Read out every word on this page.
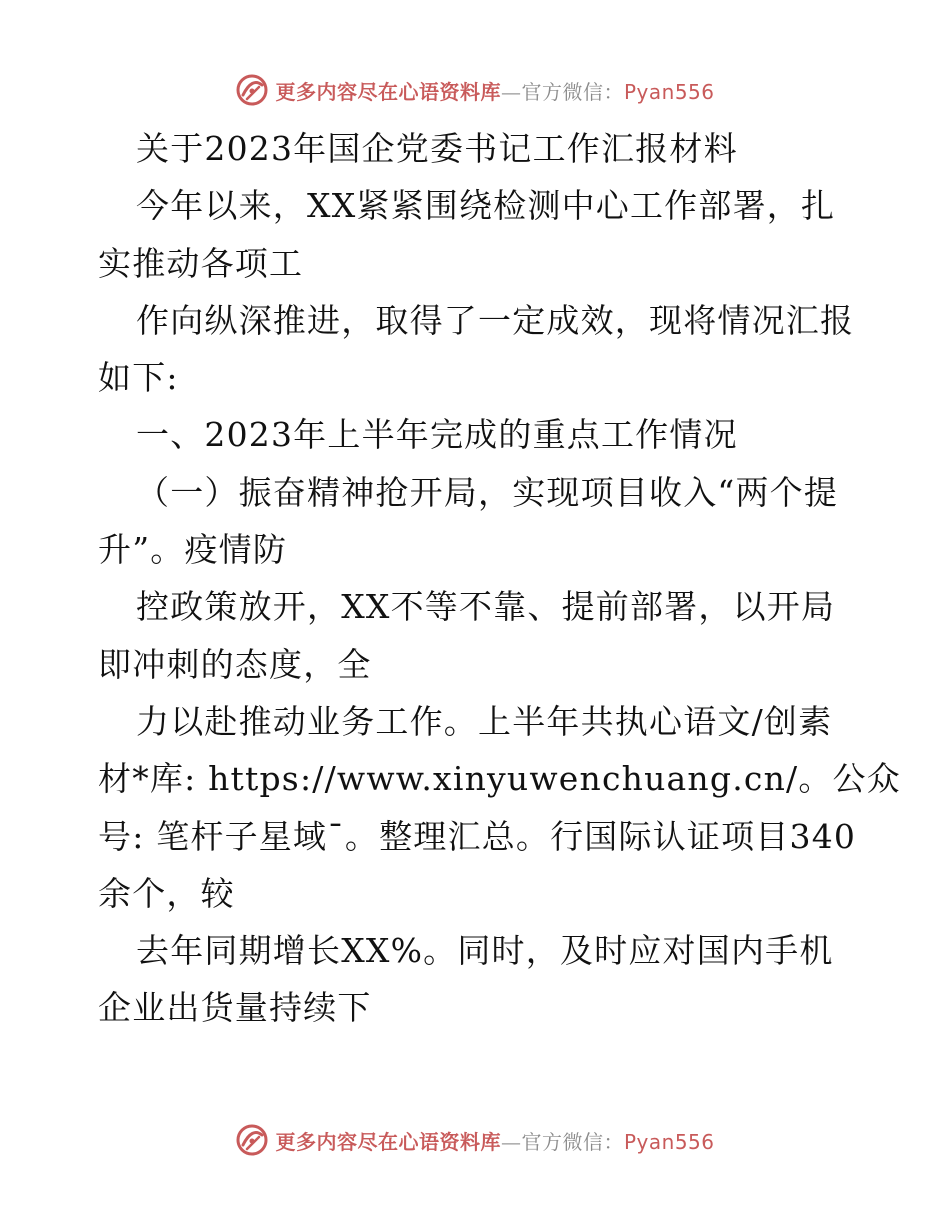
更多内容尽在心语资料库—官方微信：Pyan556
关于2023年国企党委书记工作汇报材料
今年以来，XX紧紧围绕检测中心工作部署，扎
实推动各项工
作向纵深推进，取得了一定成效，现将情况汇报
如下:
一、2023年上半年完成的重点工作情况
（一）振奋精神抢开局，实现项目收入“两个提
升”。疫情防
控政策放开，XX不等不靠、提前部署，以开局
即冲刺的态度，全
力以赴推动业务工作。上半年共执心语文/创素
材*库: https://www.xinyuwenchuang.cn/。公众
号: 笔杆子星域¯。整理汇总。行国际认证项目340
余个，较
去年同期增长XX%。同时，及时应对国内手机
企业出货量持续下
更多内容尽在心语资料库—官方微信：Pyan556
